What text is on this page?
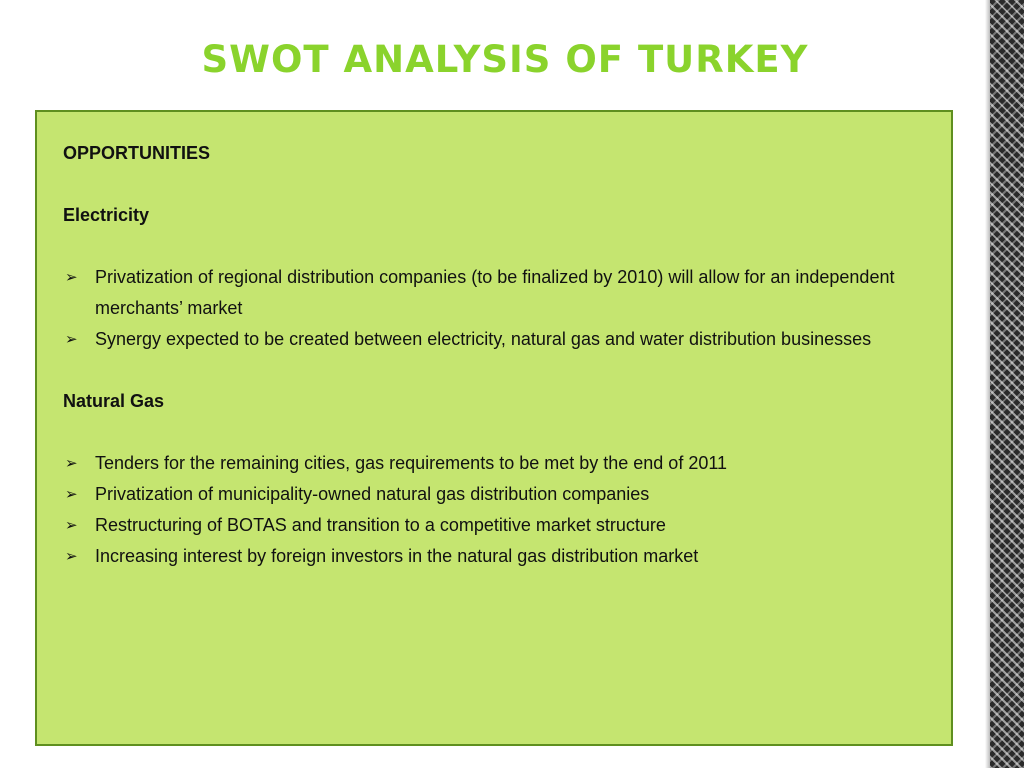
SWOT ANALYSIS OF TURKEY

OPPORTUNITIES

Electricity

➢ Privatization of regional distribution companies (to be finalized by 2010) will allow for an independent merchants’ market
➢ Synergy expected to be created between electricity, natural gas and water distribution businesses

Natural Gas

➢ Tenders for the remaining cities, gas requirements to be met by the end of 2011
➢ Privatization of municipality-owned natural gas distribution companies
➢ Restructuring of BOTAS and transition to a competitive market structure
➢ Increasing interest by foreign investors in the natural gas distribution market
